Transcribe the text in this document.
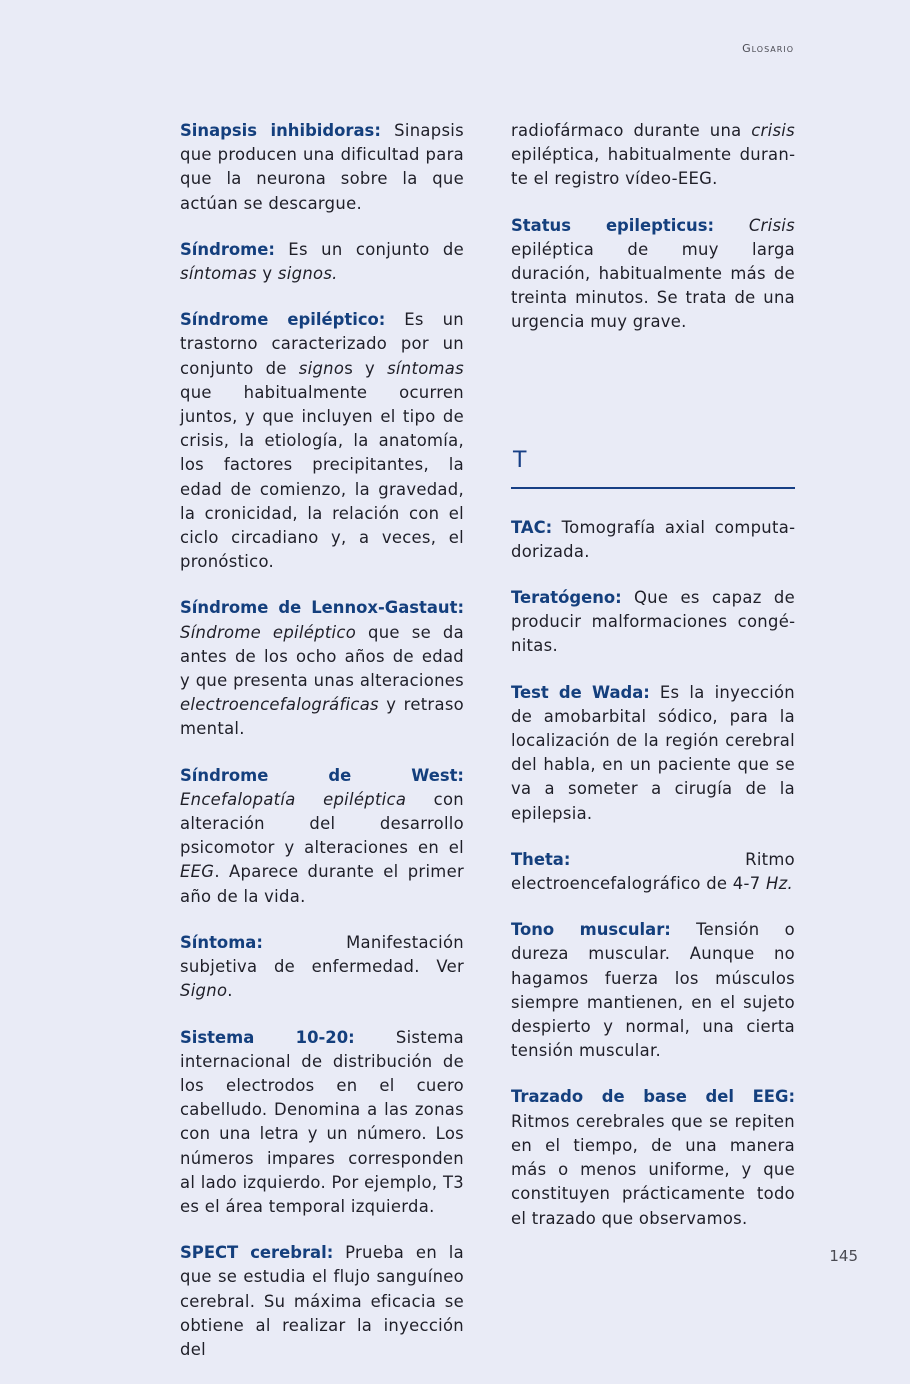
Glosario

Sinapsis inhibidoras: Sinapsis que producen una dificultad para que la neurona sobre la que actúan se descargue.

Síndrome: Es un conjunto de síntomas y signos.

Síndrome epiléptico: Es un trastorno caracterizado por un conjunto de signos y síntomas que habitualmente ocurren juntos, y que incluyen el tipo de crisis, la etiología, la anatomía, los factores precipitantes, la edad de comienzo, la gravedad, la cronicidad, la relación con el ciclo circadiano y, a veces, el pronóstico.

Síndrome de Lennox-Gastaut: Síndrome epiléptico que se da antes de los ocho años de edad y que presenta unas alteraciones electroencefalográficas y retraso mental.

Síndrome de West: Encefalopatía epiléptica con alteración del desarrollo psicomotor y alteraciones en el EEG. Aparece durante el primer año de la vida.

Síntoma: Manifestación subjetiva de enfermedad. Ver Signo.

Sistema 10-20: Sistema internacional de distribución de los electrodos en el cuero cabelludo. Denomina a las zonas con una letra y un número. Los números impares corresponden al lado izquierdo. Por ejemplo, T3 es el área temporal izquierda.

SPECT cerebral: Prueba en la que se estudia el flujo sanguíneo cerebral. Su máxima eficacia se obtiene al realizar la inyección del

radiofármaco durante una crisis epiléptica, habitualmente durante el registro vídeo-EEG.

Status epilepticus: Crisis epiléptica de muy larga duración, habitualmente más de treinta minutos. Se trata de una urgencia muy grave.

T

TAC: Tomografía axial computadorizada.

Teratógeno: Que es capaz de producir malformaciones congénitas.

Test de Wada: Es la inyección de amobarbital sódico, para la localización de la región cerebral del habla, en un paciente que se va a someter a cirugía de la epilepsia.

Theta: Ritmo electroencefalográfico de 4-7 Hz.

Tono muscular: Tensión o dureza muscular. Aunque no hagamos fuerza los músculos siempre mantienen, en el sujeto despierto y normal, una cierta tensión muscular.

Trazado de base del EEG: Ritmos cerebrales que se repiten en el tiempo, de una manera más o menos uniforme, y que constituyen prácticamente todo el trazado que observamos.

145
